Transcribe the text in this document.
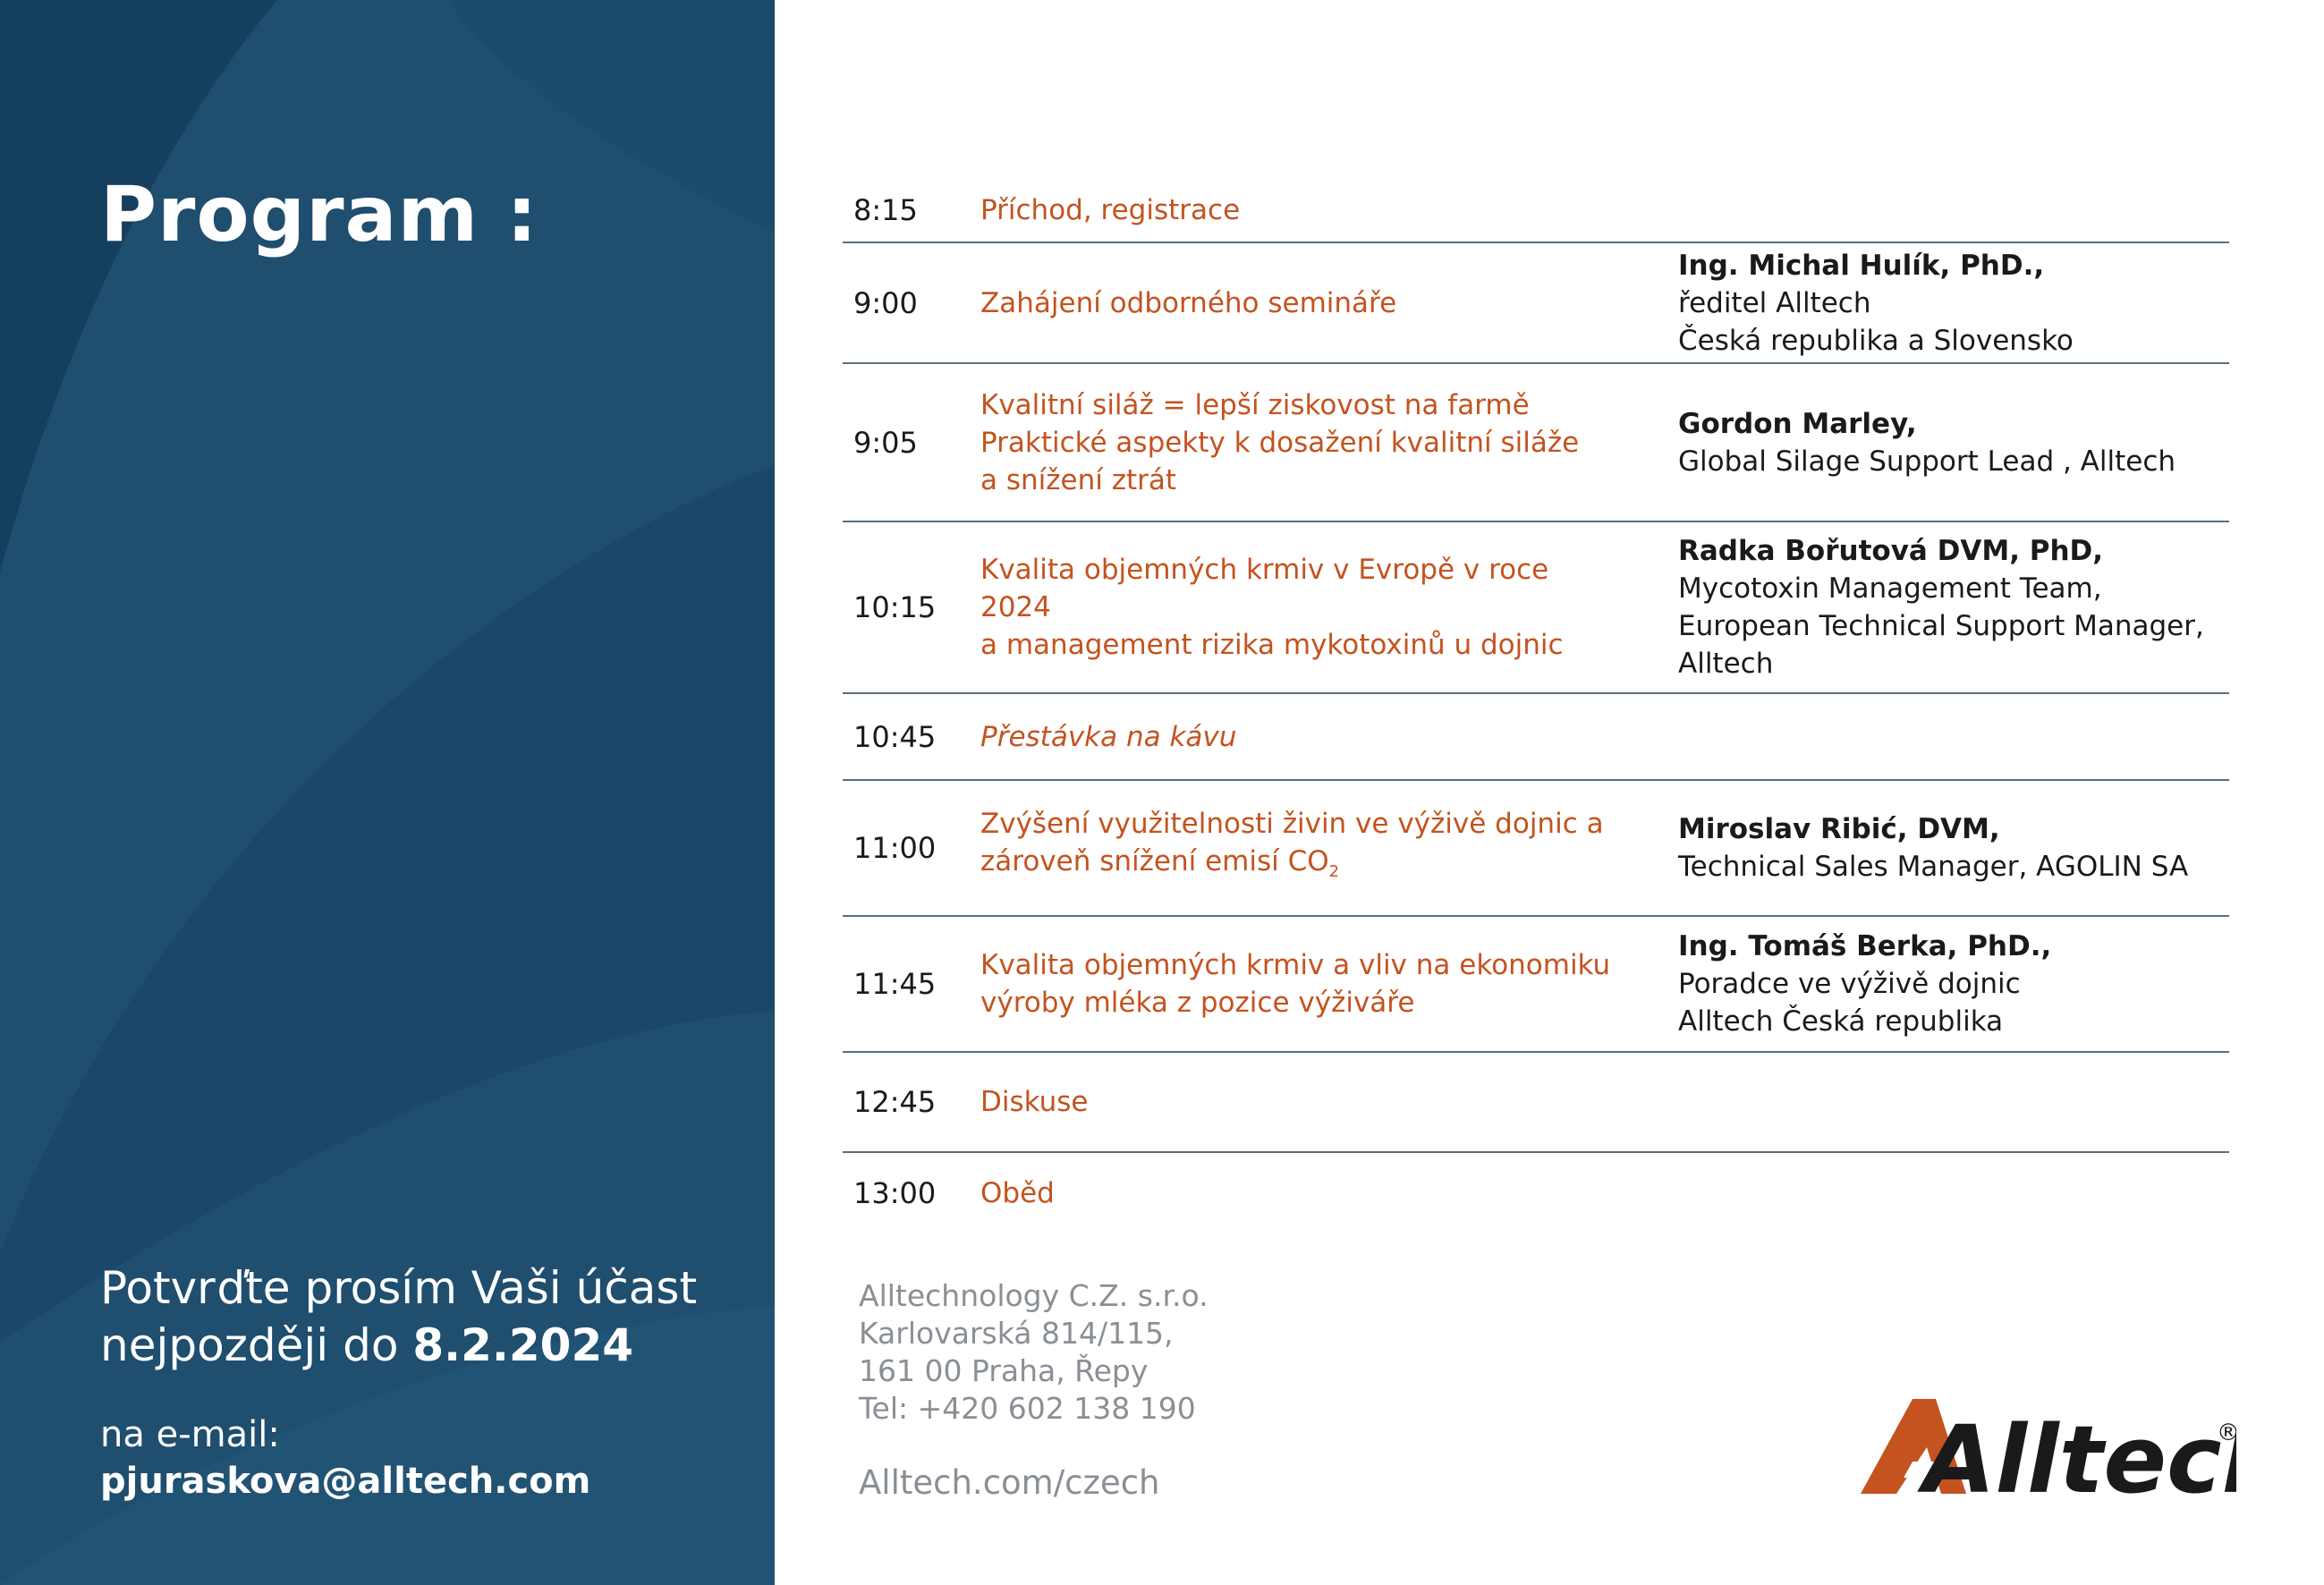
Program :
Potvrďte prosím Vaši účast
nejpozději do 8.2.2024
na e-mail:
pjuraskova@alltech.com
8:15 Příchod, registrace
9:00 Zahájení odborného semináře
Ing. Michal Hulík, PhD.,
ředitel Alltech
Česká republika a Slovensko
9:05
Kvalitní siláž = lepší ziskovost na farmě
Praktické aspekty k dosažení kvalitní siláže
a snížení ztrát
Gordon Marley,
Global Silage Support Lead , Alltech
10:15
Kvalita objemných krmiv v Evropě v roce 2024
a management rizika mykotoxinů u dojnic
Radka Bořutová DVM, PhD,
Mycotoxin Management Team,
European Technical Support Manager,
Alltech
10:45 Přestávka na kávu
11:00
Zvýšení využitelnosti živin ve výživě dojnic a
zároveň snížení emisí $CO_2$
Miroslav Ribić, DVM,
Technical Sales Manager, AGOLIN SA
11:45
Kvalita objemných krmiv a vliv na ekonomiku
výroby mléka z pozice výživáře
Ing. Tomáš Berka, PhD.,
Poradce ve výživě dojnic
Alltech Česká republika
12:45 Diskuse
13:00 Oběd
Alltechnology C.Z. s.r.o.
Karlovarská 814/115,
161 00 Praha, Řepy
Tel: +420 602 138 190
Alltech.com/czech	Alltec
®
